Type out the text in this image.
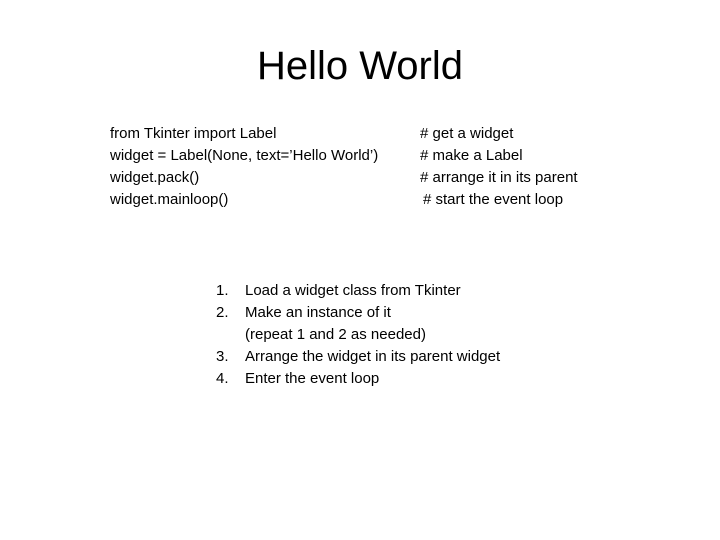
Hello World
from Tkinter import Label	# get a widget
widget = Label(None, text=’Hello World’)	# make a Label
widget.pack()	# arrange it in its parent
widget.mainloop()	# start the event loop
1. Load a widget class from Tkinter
2. Make an instance of it
(repeat 1 and 2 as needed)
3. Arrange the widget in its parent widget
4. Enter the event loop
